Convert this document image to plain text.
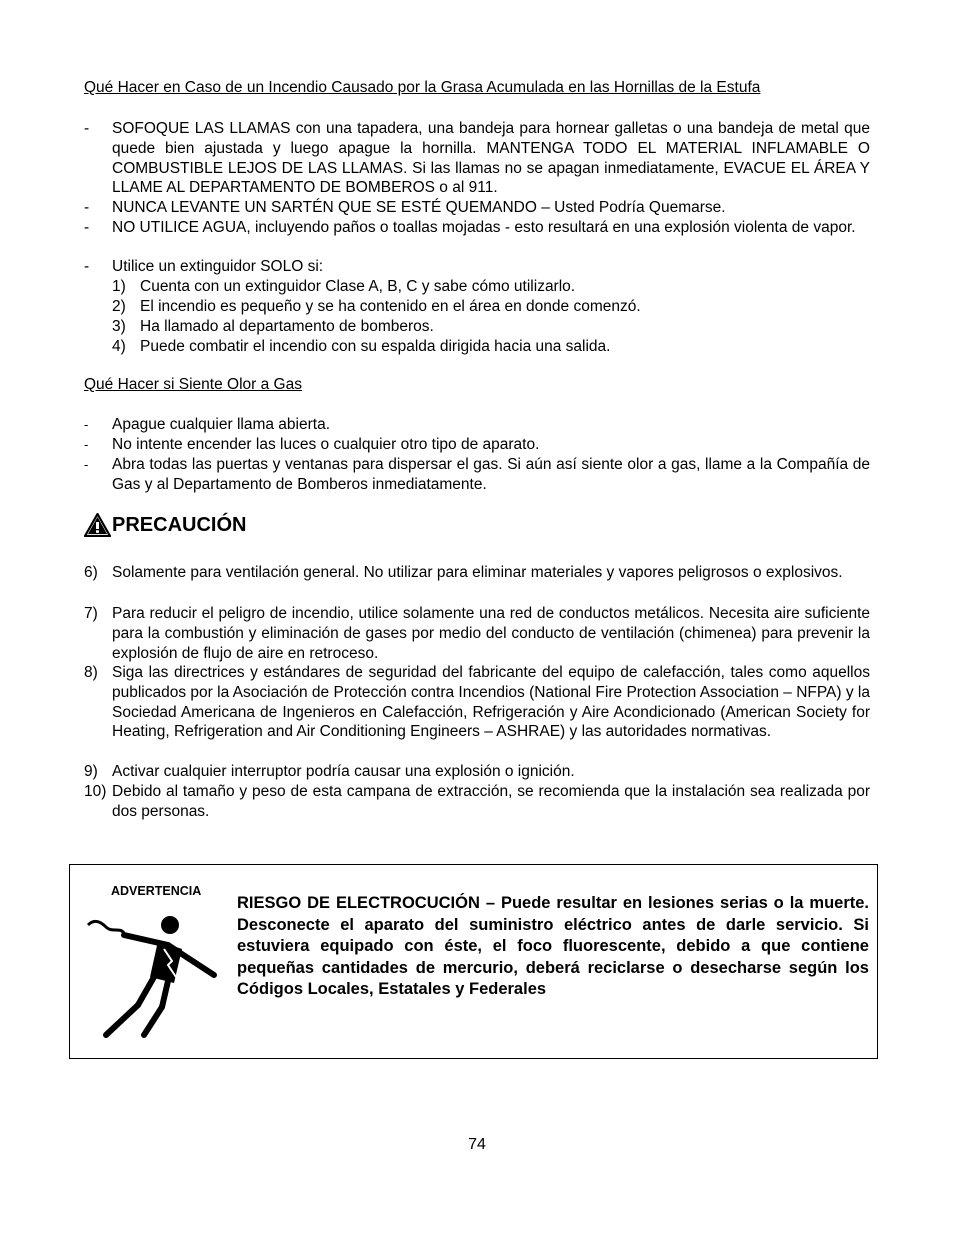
Qué Hacer en Caso de un Incendio Causado por la Grasa Acumulada en las Hornillas de la Estufa
- SOFOQUE LAS LLAMAS con una tapadera, una bandeja para hornear galletas o una bandeja de metal que quede bien ajustada y luego apague la hornilla. MANTENGA TODO EL MATERIAL INFLAMABLE O COMBUSTIBLE LEJOS DE LAS LLAMAS. Si las llamas no se apagan inmediatamente, EVACUE EL ÁREA Y LLAME AL DEPARTAMENTO DE BOMBEROS o al 911.
- NUNCA LEVANTE UN SARTÉN QUE SE ESTÉ QUEMANDO – Usted Podría Quemarse.
- NO UTILICE AGUA, incluyendo paños o toallas mojadas - esto resultará en una explosión violenta de vapor.
- Utilice un extinguidor SOLO si:
1) Cuenta con un extinguidor Clase A, B, C y sabe cómo utilizarlo.
2) El incendio es pequeño y se ha contenido en el área en donde comenzó.
3) Ha llamado al departamento de bomberos.
4) Puede combatir el incendio con su espalda dirigida hacia una salida.
Qué Hacer si Siente Olor a Gas
- Apague cualquier llama abierta.
- No intente encender las luces o cualquier otro tipo de aparato.
- Abra todas las puertas y ventanas para dispersar el gas. Si aún así siente olor a gas, llame a la Compañía de Gas y al Departamento de Bomberos inmediatamente.
PRECAUCIÓN
6) Solamente para ventilación general. No utilizar para eliminar materiales y vapores peligrosos o explosivos.
7) Para reducir el peligro de incendio, utilice solamente una red de conductos metálicos. Necesita aire suficiente para la combustión y eliminación de gases por medio del conducto de ventilación (chimenea) para prevenir la explosión de flujo de aire en retroceso.
8) Siga las directrices y estándares de seguridad del fabricante del equipo de calefacción, tales como aquellos publicados por la Asociación de Protección contra Incendios (National Fire Protection Association – NFPA) y la Sociedad Americana de Ingenieros en Calefacción, Refrigeración y Aire Acondicionado (American Society for Heating, Refrigeration and Air Conditioning Engineers – ASHRAE) y las autoridades normativas.
9) Activar cualquier interruptor podría causar una explosión o ignición.
10) Debido al tamaño y peso de esta campana de extracción, se recomienda que la instalación sea realizada por dos personas.
ADVERTENCIA
RIESGO DE ELECTROCUCIÓN – Puede resultar en lesiones serias o la muerte. Desconecte el aparato del suministro eléctrico antes de darle servicio. Si estuviera equipado con éste, el foco fluorescente, debido a que contiene pequeñas cantidades de mercurio, deberá reciclarse o desecharse según los Códigos Locales, Estatales y Federales
74
